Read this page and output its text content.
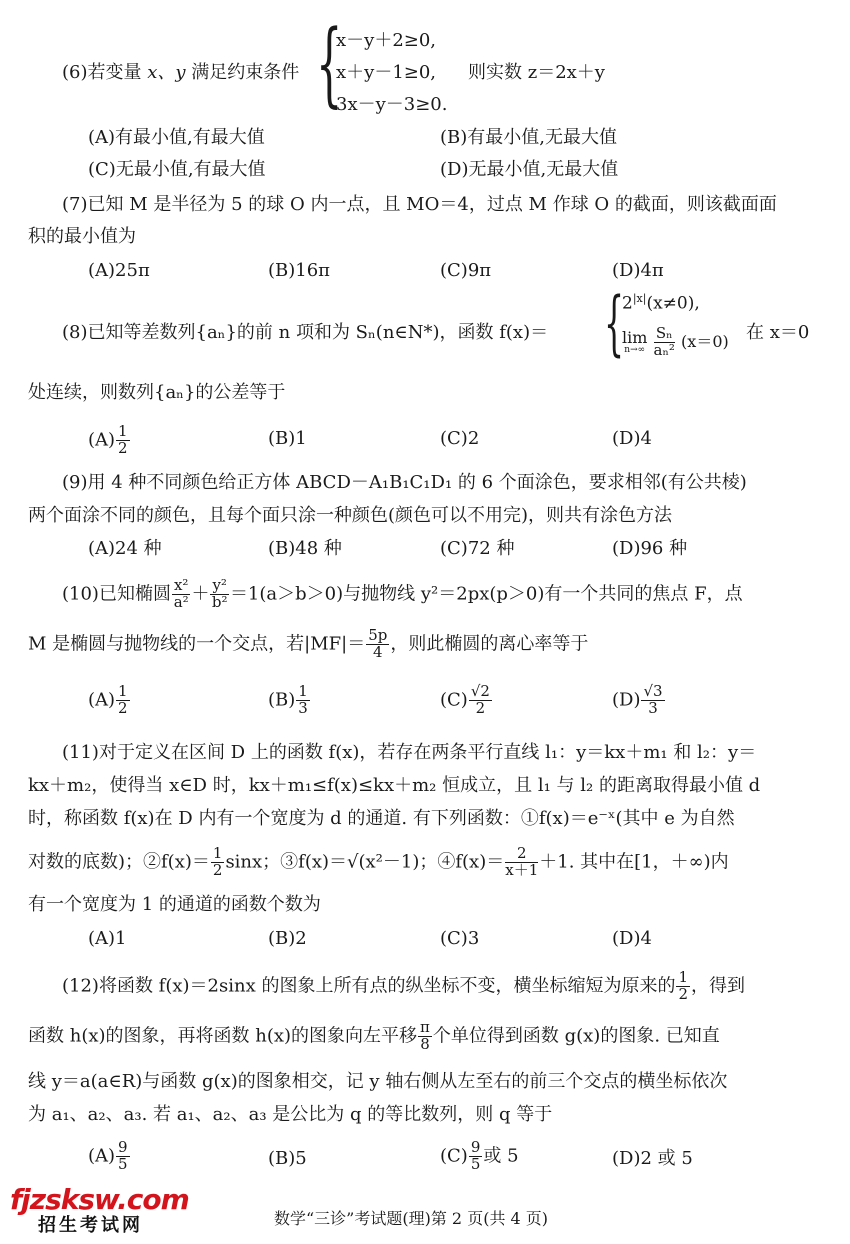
(6)若变量 x、y 满足约束条件 {
x－y＋2≥0,
x＋y－1≥0,
3x－y－3≥0.
则实数 z＝2x＋y
(A)有最小值,有最大值	(B)有最小值,无最大值
(C)无最小值,有最大值	(D)无最小值,无最大值
(7)已知 M 是半径为 5 的球 O 内一点，且 MO＝4，过点 M 作球 O 的截面，则该截面面
积的最小值为
(A)25π	(B)16π	(C)9π	(D)4π
(8)已知等差数列{aₙ}的前 n 项和为 Sₙ(n∈N*)，函数 f(x)＝ {
$2^{|x|}(x\ne 0)$,
lim
n→∞
$\frac{\text{Sₙ}}{\text{aₙ²}} (x=0)$ 在 x＝0
处连续，则数列{aₙ}的公差等于
$(A) \frac{1}{2}$	(B)1	(C)2	(D)4
(9)用 4 种不同颜色给正方体 ABCD－A₁B₁C₁D₁ 的 6 个面涂色，要求相邻(有公共棱)
两个面涂不同的颜色，且每个面只涂一种颜色(颜色可以不用完)，则共有涂色方法
(A)24 种	(B)48 种	(C)72 种	(D)96 种
(10)已知椭圆 $\frac{\text{x²}}{\text{a²}} + \frac{\text{y²}}{\text{b²}} =1(a>b>0)$与抛物线 y²＝2px(p＞0)有一个共同的焦点 F，点
M 是椭圆与抛物线的一个交点，若$|MF|= \frac{5p}{4}$ ，则此椭圆的离心率等于
$(A) \frac{1}{2}$	$(B) \frac{1}{3}$	$(C) \frac{√2}{2}$	$(D) \frac{√3}{3}$
(11)对于定义在区间 D 上的函数 f(x)，若存在两条平行直线 l₁：y＝kx＋m₁ 和 l₂：y＝
kx＋m₂，使得当 x∈D 时，kx＋m₁≤f(x)≤kx＋m₂ 恒成立，且 l₁ 与 l₂ 的距离取得最小值 d
时，称函数 f(x)在 D 内有一个宽度为 d 的通道. 有下列函数：①f(x)＝e⁻ˣ(其中 e 为自然
对数的底数)；②f(x)＝ $\frac{1}{2}$ sinx；③f(x)＝√(x²－1)；④f(x)＝ $\frac{2}{x+1} +1$. 其中在[1，＋∞)内
有一个宽度为 1 的通道的函数个数为
(A)1	(B)2	(C)3	(D)4
(12)将函数 f(x)＝2sinx 的图象上所有点的纵坐标不变，横坐标缩短为原来的 $\frac{1}{2}$ ，得到
函数 h(x)的图象，再将函数 h(x)的图象向左平移 $\frac{\pi}{8}$ 个单位得到函数 g(x)的图象. 已知直
线 y＝a(a∈R)与函数 g(x)的图象相交，记 y 轴右侧从左至右的前三个交点的横坐标依次
为 a₁、a₂、a₃. 若 a₁、a₂、a₃ 是公比为 q 的等比数列，则 q 等于
$(A) \frac{9}{5}$	(B)5	$(C) \frac{9}{5}$ 或 5	(D)2 或 5
fjzsksw.com
招生考试网	数学“三诊”考试题(理)第 2 页(共 4 页)
